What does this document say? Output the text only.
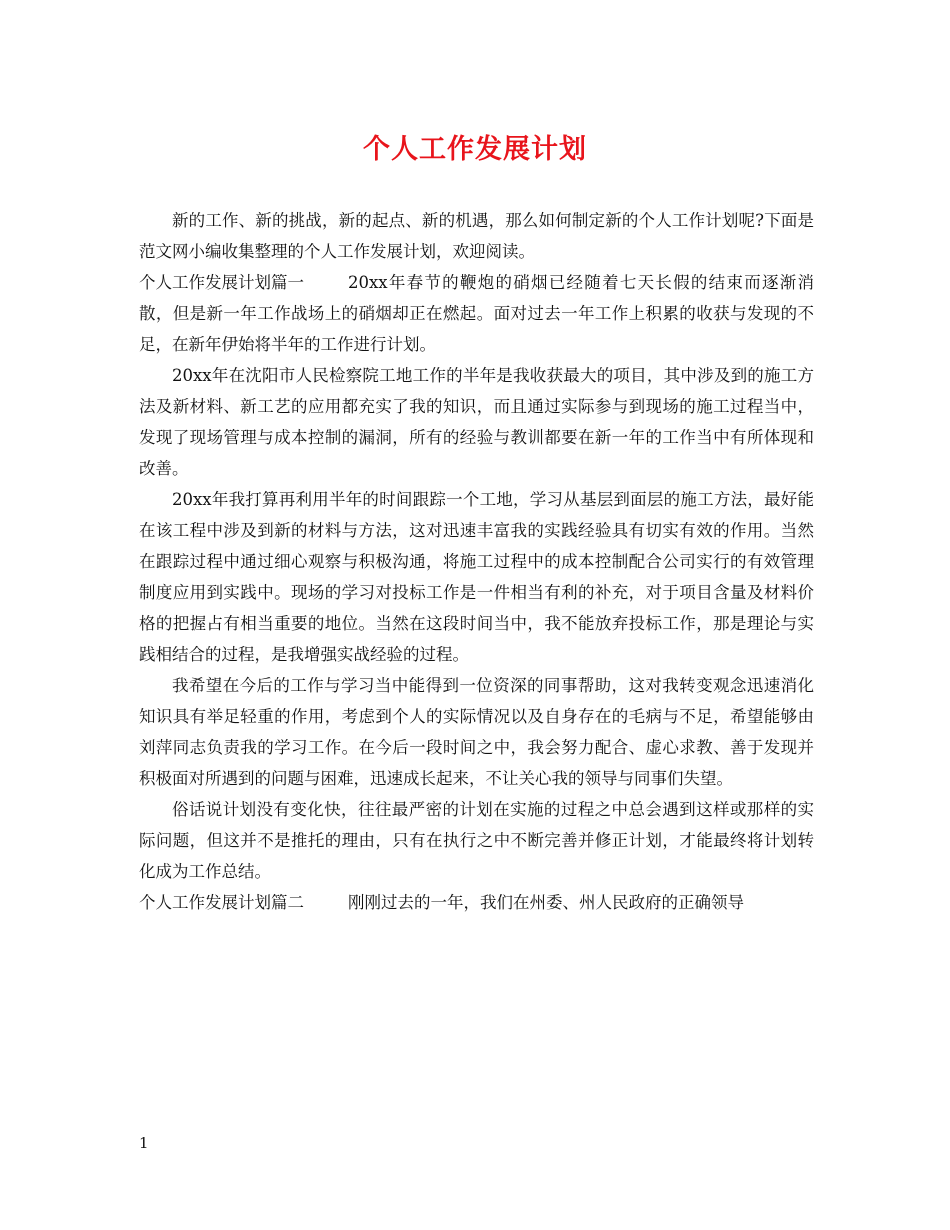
个人工作发展计划

新的工作、新的挑战，新的起点、新的机遇，那么如何制定新的个人工作计划呢?下面是范文网小编收集整理的个人工作发展计划，欢迎阅读。

个人工作发展计划篇一	20xx年春节的鞭炮的硝烟已经随着七天长假的结束而逐渐消散，但是新一年工作战场上的硝烟却正在燃起。面对过去一年工作上积累的收获与发现的不足，在新年伊始将半年的工作进行计划。

20xx年在沈阳市人民检察院工地工作的半年是我收获最大的项目，其中涉及到的施工方法及新材料、新工艺的应用都充实了我的知识，而且通过实际参与到现场的施工过程当中，发现了现场管理与成本控制的漏洞，所有的经验与教训都要在新一年的工作当中有所体现和改善。

20xx年我打算再利用半年的时间跟踪一个工地，学习从基层到面层的施工方法，最好能在该工程中涉及到新的材料与方法，这对迅速丰富我的实践经验具有切实有效的作用。当然在跟踪过程中通过细心观察与积极沟通，将施工过程中的成本控制配合公司实行的有效管理制度应用到实践中。现场的学习对投标工作是一件相当有利的补充，对于项目含量及材料价格的把握占有相当重要的地位。当然在这段时间当中，我不能放弃投标工作，那是理论与实践相结合的过程，是我增强实战经验的过程。

我希望在今后的工作与学习当中能得到一位资深的同事帮助，这对我转变观念迅速消化知识具有举足轻重的作用，考虑到个人的实际情况以及自身存在的毛病与不足，希望能够由刘萍同志负责我的学习工作。在今后一段时间之中，我会努力配合、虚心求教、善于发现并积极面对所遇到的问题与困难，迅速成长起来，不让关心我的领导与同事们失望。

俗话说计划没有变化快，往往最严密的计划在实施的过程之中总会遇到这样或那样的实际问题，但这并不是推托的理由，只有在执行之中不断完善并修正计划，才能最终将计划转化成为工作总结。

个人工作发展计划篇二	刚刚过去的一年，我们在州委、州人民政府的正确领导

1
